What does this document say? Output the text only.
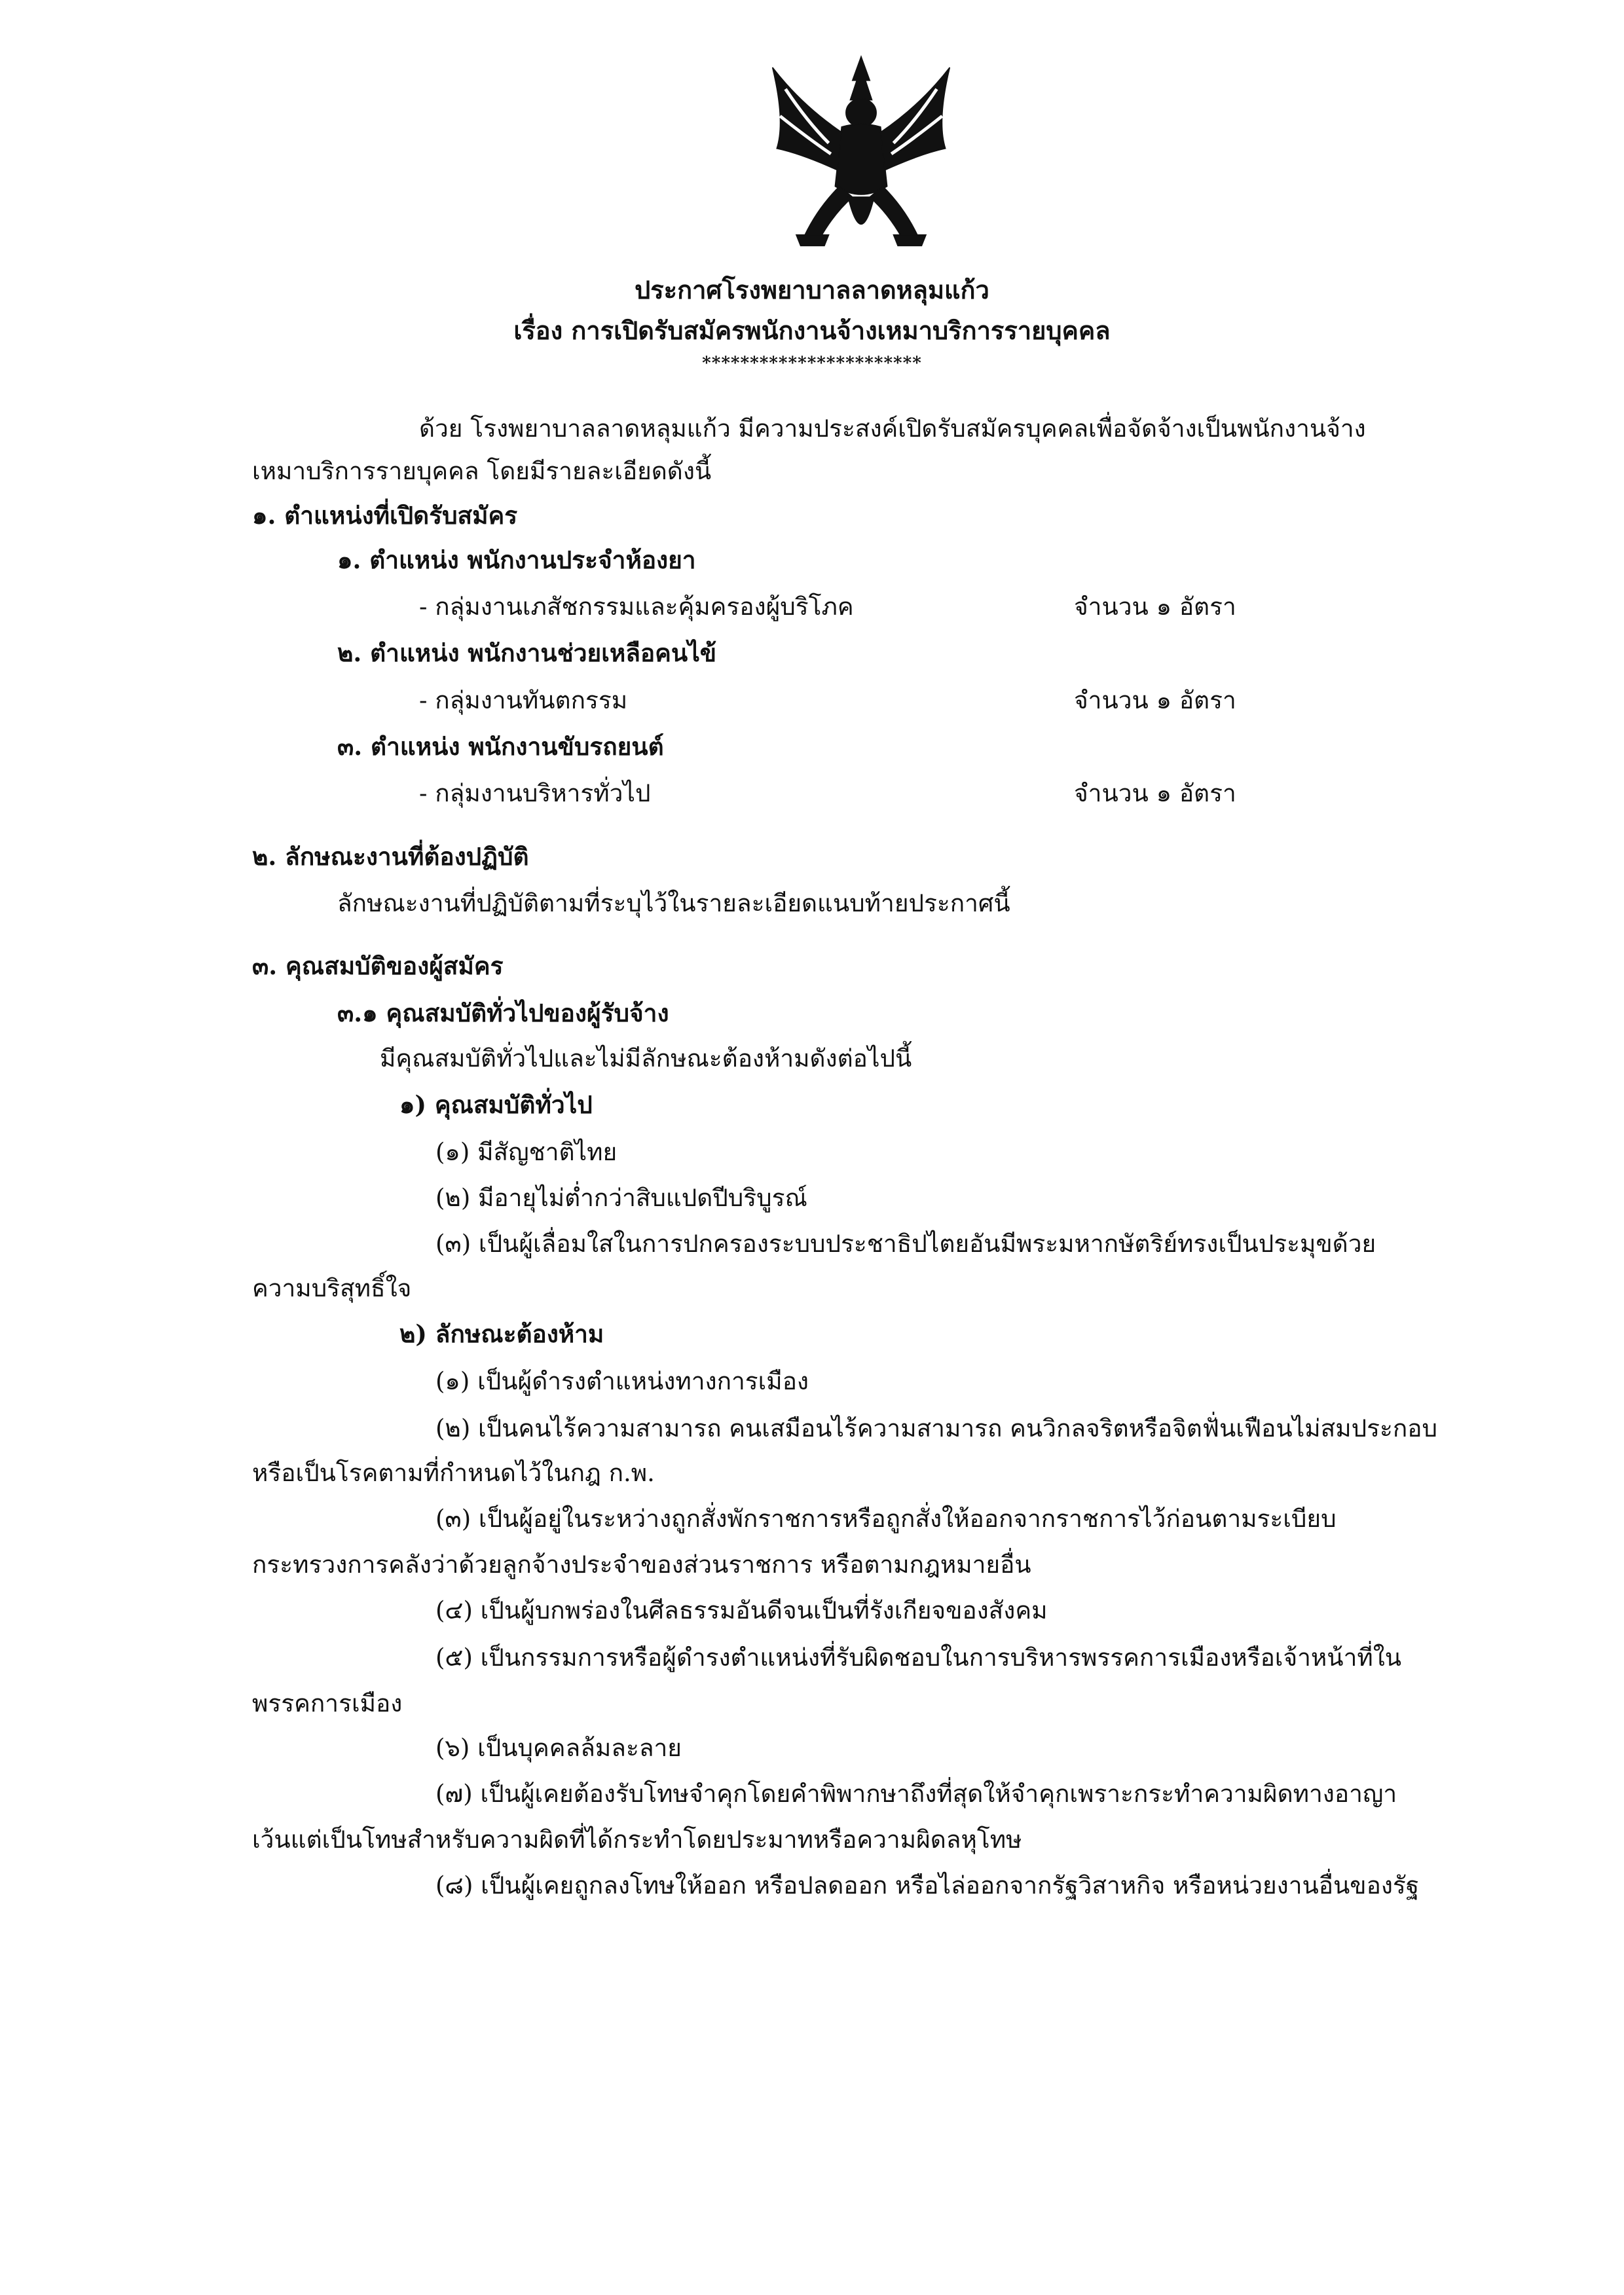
ประกาศโรงพยาบาลลาดหลุมแก้ว
เรื่อง การเปิดรับสมัครพนักงานจ้างเหมาบริการรายบุคคล
***********************
ด้วย โรงพยาบาลลาดหลุมแก้ว มีความประสงค์เปิดรับสมัครบุคคลเพื่อจัดจ้างเป็นพนักงานจ้าง
เหมาบริการรายบุคคล โดยมีรายละเอียดดังนี้
๑. ตำแหน่งที่เปิดรับสมัคร
๑. ตำแหน่ง พนักงานประจำห้องยา
- กลุ่มงานเภสัชกรรมและคุ้มครองผู้บริโภค	จำนวน ๑ อัตรา
๒. ตำแหน่ง พนักงานช่วยเหลือคนไข้
- กลุ่มงานทันตกรรม	จำนวน ๑ อัตรา
๓. ตำแหน่ง พนักงานขับรถยนต์
- กลุ่มงานบริหารทั่วไป	จำนวน ๑ อัตรา
๒. ลักษณะงานที่ต้องปฏิบัติ
ลักษณะงานที่ปฏิบัติตามที่ระบุไว้ในรายละเอียดแนบท้ายประกาศนี้
๓. คุณสมบัติของผู้สมัคร
๓.๑ คุณสมบัติทั่วไปของผู้รับจ้าง
มีคุณสมบัติทั่วไปและไม่มีลักษณะต้องห้ามดังต่อไปนี้
๑) คุณสมบัติทั่วไป
(๑) มีสัญชาติไทย
(๒) มีอายุไม่ต่ำกว่าสิบแปดปีบริบูรณ์
(๓) เป็นผู้เลื่อมใสในการปกครองระบบประชาธิปไตยอันมีพระมหากษัตริย์ทรงเป็นประมุขด้วย
ความบริสุทธิ์ใจ
๒) ลักษณะต้องห้าม
(๑) เป็นผู้ดำรงตำแหน่งทางการเมือง
(๒) เป็นคนไร้ความสามารถ คนเสมือนไร้ความสามารถ คนวิกลจริตหรือจิตฟั่นเฟือนไม่สมประกอบ
หรือเป็นโรคตามที่กำหนดไว้ในกฎ ก.พ.
(๓) เป็นผู้อยู่ในระหว่างถูกสั่งพักราชการหรือถูกสั่งให้ออกจากราชการไว้ก่อนตามระเบียบ
กระทรวงการคลังว่าด้วยลูกจ้างประจำของส่วนราชการ หรือตามกฎหมายอื่น
(๔) เป็นผู้บกพร่องในศีลธรรมอันดีจนเป็นที่รังเกียจของสังคม
(๕) เป็นกรรมการหรือผู้ดำรงตำแหน่งที่รับผิดชอบในการบริหารพรรคการเมืองหรือเจ้าหน้าที่ใน
พรรคการเมือง
(๖) เป็นบุคคลล้มละลาย
(๗) เป็นผู้เคยต้องรับโทษจำคุกโดยคำพิพากษาถึงที่สุดให้จำคุกเพราะกระทำความผิดทางอาญา
เว้นแต่เป็นโทษสำหรับความผิดที่ได้กระทำโดยประมาทหรือความผิดลหุโทษ
(๘) เป็นผู้เคยถูกลงโทษให้ออก หรือปลดออก หรือไล่ออกจากรัฐวิสาหกิจ หรือหน่วยงานอื่นของรัฐ
